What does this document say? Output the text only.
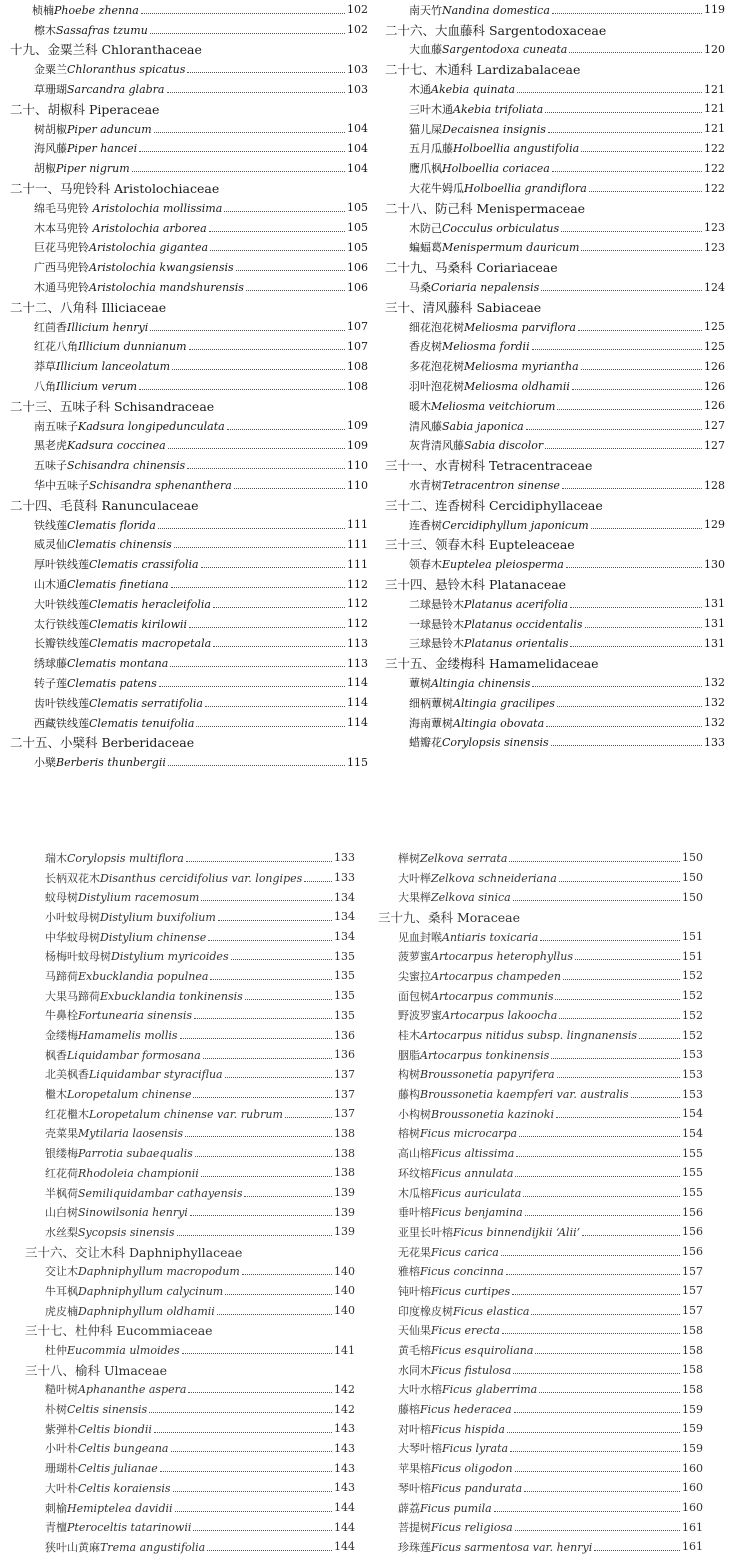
桢楠Phoebe zhenna	102
檫木Sassafras tzumu	102
十九、金粟兰科 Chloranthaceae
金粟兰Chloranthus spicatus	103
草珊瑚Sarcandra glabra	103
二十、胡椒科 Piperaceae
树胡椒Piper aduncum	104
海风藤Piper hancei	104
胡椒Piper nigrum	104
二十一、马兜铃科 Aristolochiaceae
绵毛马兜铃 Aristolochia mollissima	105
木本马兜铃 Aristolochia arborea	105
巨花马兜铃Aristolochia gigantea	105
广西马兜铃Aristolochia kwangsiensis	106
木通马兜铃Aristolochia mandshurensis	106
二十二、八角科 Illiciaceae
红茴香Illicium henryi	107
红花八角Illicium dunnianum	107
莽草Illicium lanceolatum	108
八角Illicium verum	108
二十三、五味子科 Schisandraceae
南五味子Kadsura longipedunculata	109
黑老虎Kadsura coccinea	109
五味子Schisandra chinensis	110
华中五味子Schisandra sphenanthera	110
二十四、毛茛科 Ranunculaceae
铁线莲Clematis florida	111
威灵仙Clematis chinensis	111
厚叶铁线莲Clematis crassifolia	111
山木通Clematis finetiana	112
大叶铁线莲Clematis heracleifolia	112
太行铁线莲Clematis kirilowii	112
长瓣铁线莲Clematis macropetala	113
绣球藤Clematis montana	113
转子莲Clematis patens	114
齿叶铁线莲Clematis serratifolia	114
西藏铁线莲Clematis tenuifolia	114
二十五、小檗科 Berberidaceae
小檗Berberis thunbergii	115
南天竹Nandina domestica	119
二十六、大血藤科 Sargentodoxaceae
大血藤Sargentodoxa cuneata	120
二十七、木通科 Lardizabalaceae
木通Akebia quinata	121
三叶木通Akebia trifoliata	121
猫儿屎Decaisnea insignis	121
五月瓜藤Holboellia angustifolia	122
鹰爪枫Holboellia coriacea	122
大花牛姆瓜Holboellia grandiflora	122
二十八、防己科 Menispermaceae
木防己Cocculus orbiculatus	123
蝙蝠葛Menispermum dauricum	123
二十九、马桑科 Coriariaceae
马桑Coriaria nepalensis	124
三十、清风藤科 Sabiaceae
细花泡花树Meliosma parviflora	125
香皮树Meliosma fordii	125
多花泡花树Meliosma myriantha	126
羽叶泡花树Meliosma oldhamii	126
暖木Meliosma veitchiorum	126
清风藤Sabia japonica	127
灰背清风藤Sabia discolor	127
三十一、水青树科 Tetracentraceae
水青树Tetracentron sinense	128
三十二、连香树科 Cercidiphyllaceae
连香树Cercidiphyllum japonicum	129
三十三、领春木科 Eupteleaceae
领春木Euptelea pleiosperma	130
三十四、悬铃木科 Platanaceae
二球悬铃木Platanus acerifolia	131
一球悬铃木Platanus occidentalis	131
三球悬铃木Platanus orientalis	131
三十五、金缕梅科 Hamamelidaceae
蕈树Altingia chinensis	132
细柄蕈树Altingia gracilipes	132
海南蕈树Altingia obovata	132
蜡瓣花Corylopsis sinensis	133
瑞木Corylopsis multiflora	133
长柄双花木Disanthus cercidifolius var. longipes	133
蚊母树Distylium racemosum	134
小叶蚊母树Distylium buxifolium	134
中华蚊母树Distylium chinense	134
杨梅叶蚊母树Distylium myricoides	135
马蹄荷Exbucklandia populnea	135
大果马蹄荷Exbucklandia tonkinensis	135
牛鼻栓Fortunearia sinensis	135
金缕梅Hamamelis mollis	136
枫香Liquidambar formosana	136
北美枫香Liquidambar styraciflua	137
檵木Loropetalum chinense	137
红花檵木Loropetalum chinense var. rubrum	137
壳菜果Mytilaria laosensis	138
银缕梅Parrotia subaequalis	138
红花荷Rhodoleia championii	138
半枫荷Semiliquidambar cathayensis	139
山白树Sinowilsonia henryi	139
水丝梨Sycopsis sinensis	139
三十六、交让木科 Daphniphyllaceae
交让木Daphniphyllum macropodum	140
牛耳枫Daphniphyllum calycinum	140
虎皮楠Daphniphyllum oldhamii	140
三十七、杜仲科 Eucommiaceae
杜仲Eucommia ulmoides	141
三十八、榆科 Ulmaceae
糙叶树Aphananthe aspera	142
朴树Celtis sinensis	142
紫弹朴Celtis biondii	143
小叶朴Celtis bungeana	143
珊瑚朴Celtis julianae	143
大叶朴Celtis koraiensis	143
刺榆Hemiptelea davidii	144
青檀Pteroceltis tatarinowii	144
狭叶山黄麻Trema angustifolia	144
榉树Zelkova serrata	150
大叶榉Zelkova schneideriana	150
大果榉Zelkova sinica	150
三十九、桑科 Moraceae
见血封喉Antiaris toxicaria	151
菠萝蜜Artocarpus heterophyllus	151
尖蜜拉Artocarpus champeden	152
面包树Artocarpus communis	152
野波罗蜜Artocarpus lakoocha	152
桂木Artocarpus nitidus subsp. lingnanensis	152
胭脂Artocarpus tonkinensis	153
构树Broussonetia papyrifera	153
藤构Broussonetia kaempferi var. australis	153
小构树Broussonetia kazinoki	154
榕树Ficus microcarpa	154
高山榕Ficus altissima	155
环纹榕Ficus annulata	155
木瓜榕Ficus auriculata	155
垂叶榕Ficus benjamina	156
亚里长叶榕Ficus binnendijkii ‘Alii’	156
无花果Ficus carica	156
雅榕Ficus concinna	157
钝叶榕Ficus curtipes	157
印度橡皮树Ficus elastica	157
天仙果Ficus erecta	158
黄毛榕Ficus esquiroliana	158
水同木Ficus fistulosa	158
大叶水榕Ficus glaberrima	158
藤榕Ficus hederacea	159
对叶榕Ficus hispida	159
大琴叶榕Ficus lyrata	159
苹果榕Ficus oligodon	160
琴叶榕Ficus pandurata	160
薜荔Ficus pumila	160
菩提树Ficus religiosa	161
珍珠莲Ficus sarmentosa var. henryi	161
